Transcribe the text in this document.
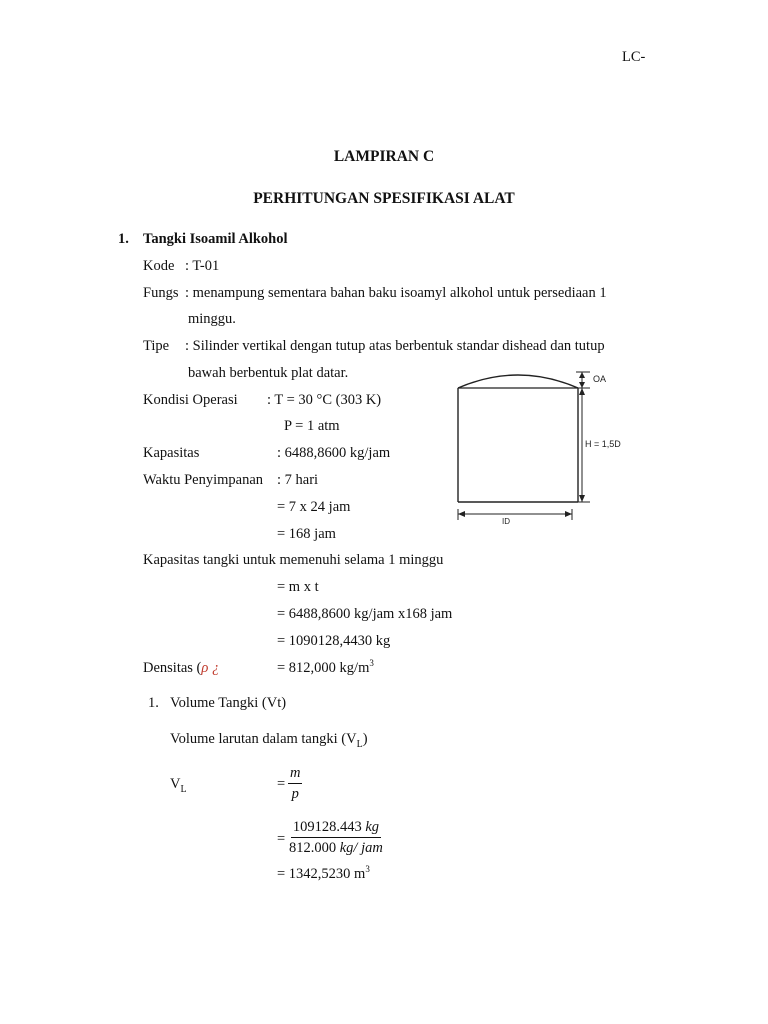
LC-
LAMPIRAN C
PERHITUNGAN SPESIFIKASI ALAT
1. Tangki Isoamil Alkohol
Kode : T-01
Fungs : menampung sementara bahan baku isoamyl alkohol untuk persediaan 1
minggu.
Tipe : Silinder vertikal dengan tutup atas berbentuk standar dishead dan tutup
bawah berbentuk plat datar.
Kondisi Operasi : T = 30 °C (303 K)
P = 1 atm
Kapasitas	: 6488,8600 kg/jam
Waktu Penyimpanan : 7 hari
= 7 x 24 jam
= 168 jam
OA
H = 1,5D
ID
Kapasitas tangki untuk memenuhi selama 1 minggu
= m x t
= 6488,8600 kg/jam x168 jam
= 1090128,4430 kg
Densitas (ρ ¿	= 812,000 $kg/m^3$
1. Volume Tangki (Vt)
Volume larutan dalam tangki $(V_L)$
$V_L$	= $\frac{m}{p}$
=
109128.443 kg
812.000 kg/ jam
= 1342,5230 $m^3$
